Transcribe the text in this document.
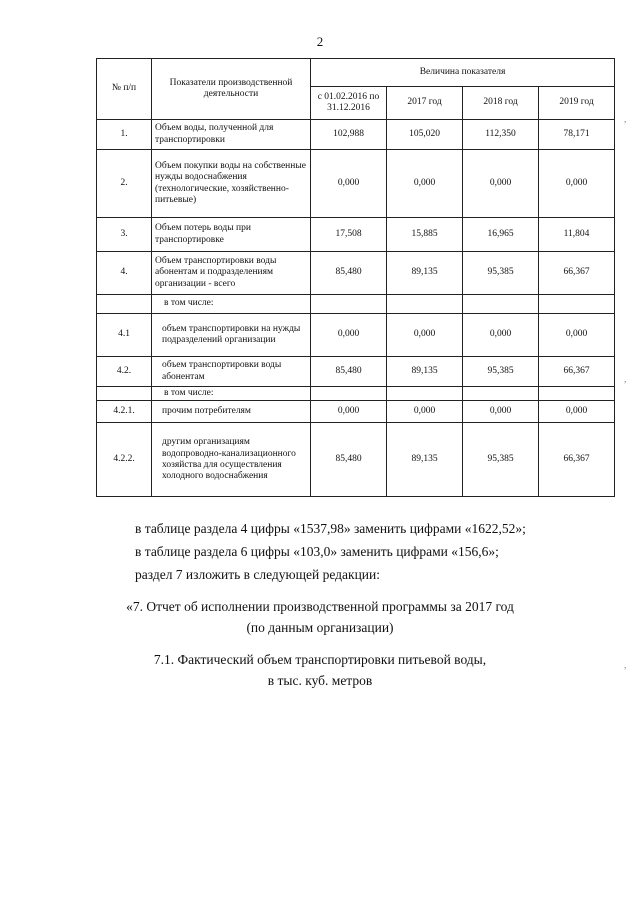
2
№ п/п	Показатели производственной деятельности	Величина показателя			
		с 01.02.2016 по 31.12.2016	2017 год	2018 год	2019 год
1.	Объем воды, полученной для транспортировки	102,988	105,020	112,350	78,171
2.	Объем покупки воды на собственные нужды водоснабжения (технологические, хозяйственно-питьевые)	0,000	0,000	0,000	0,000
3.	Объем потерь воды при транспортировке	17,508	15,885	16,965	11,804
4.	Объем транспортировки воды абонентам и подразделениям организации - всего	85,480	89,135	95,385	66,367
	в том числе:				
4.1	объем транспортировки на нужды подразделений организации	0,000	0,000	0,000	0,000
4.2.	объем транспортировки воды абонентам	85,480	89,135	95,385	66,367
	в том числе:				
4.2.1.	прочим потребителям	0,000	0,000	0,000	0,000
4.2.2.	другим организациям водопроводно-канализационного хозяйства для осуществления холодного водоснабжения	85,480	89,135	95,385	66,367
в таблице раздела 4 цифры «1537,98» заменить цифрами «1622,52»;
в таблице раздела 6 цифры «103,0» заменить цифрами «156,6»;
раздел 7 изложить в следующей редакции:
«7. Отчет об исполнении производственной программы за 2017 год
(по данным организации)
7.1. Фактический объем транспортировки питьевой воды,
в тыс. куб. метров
,
,
,
